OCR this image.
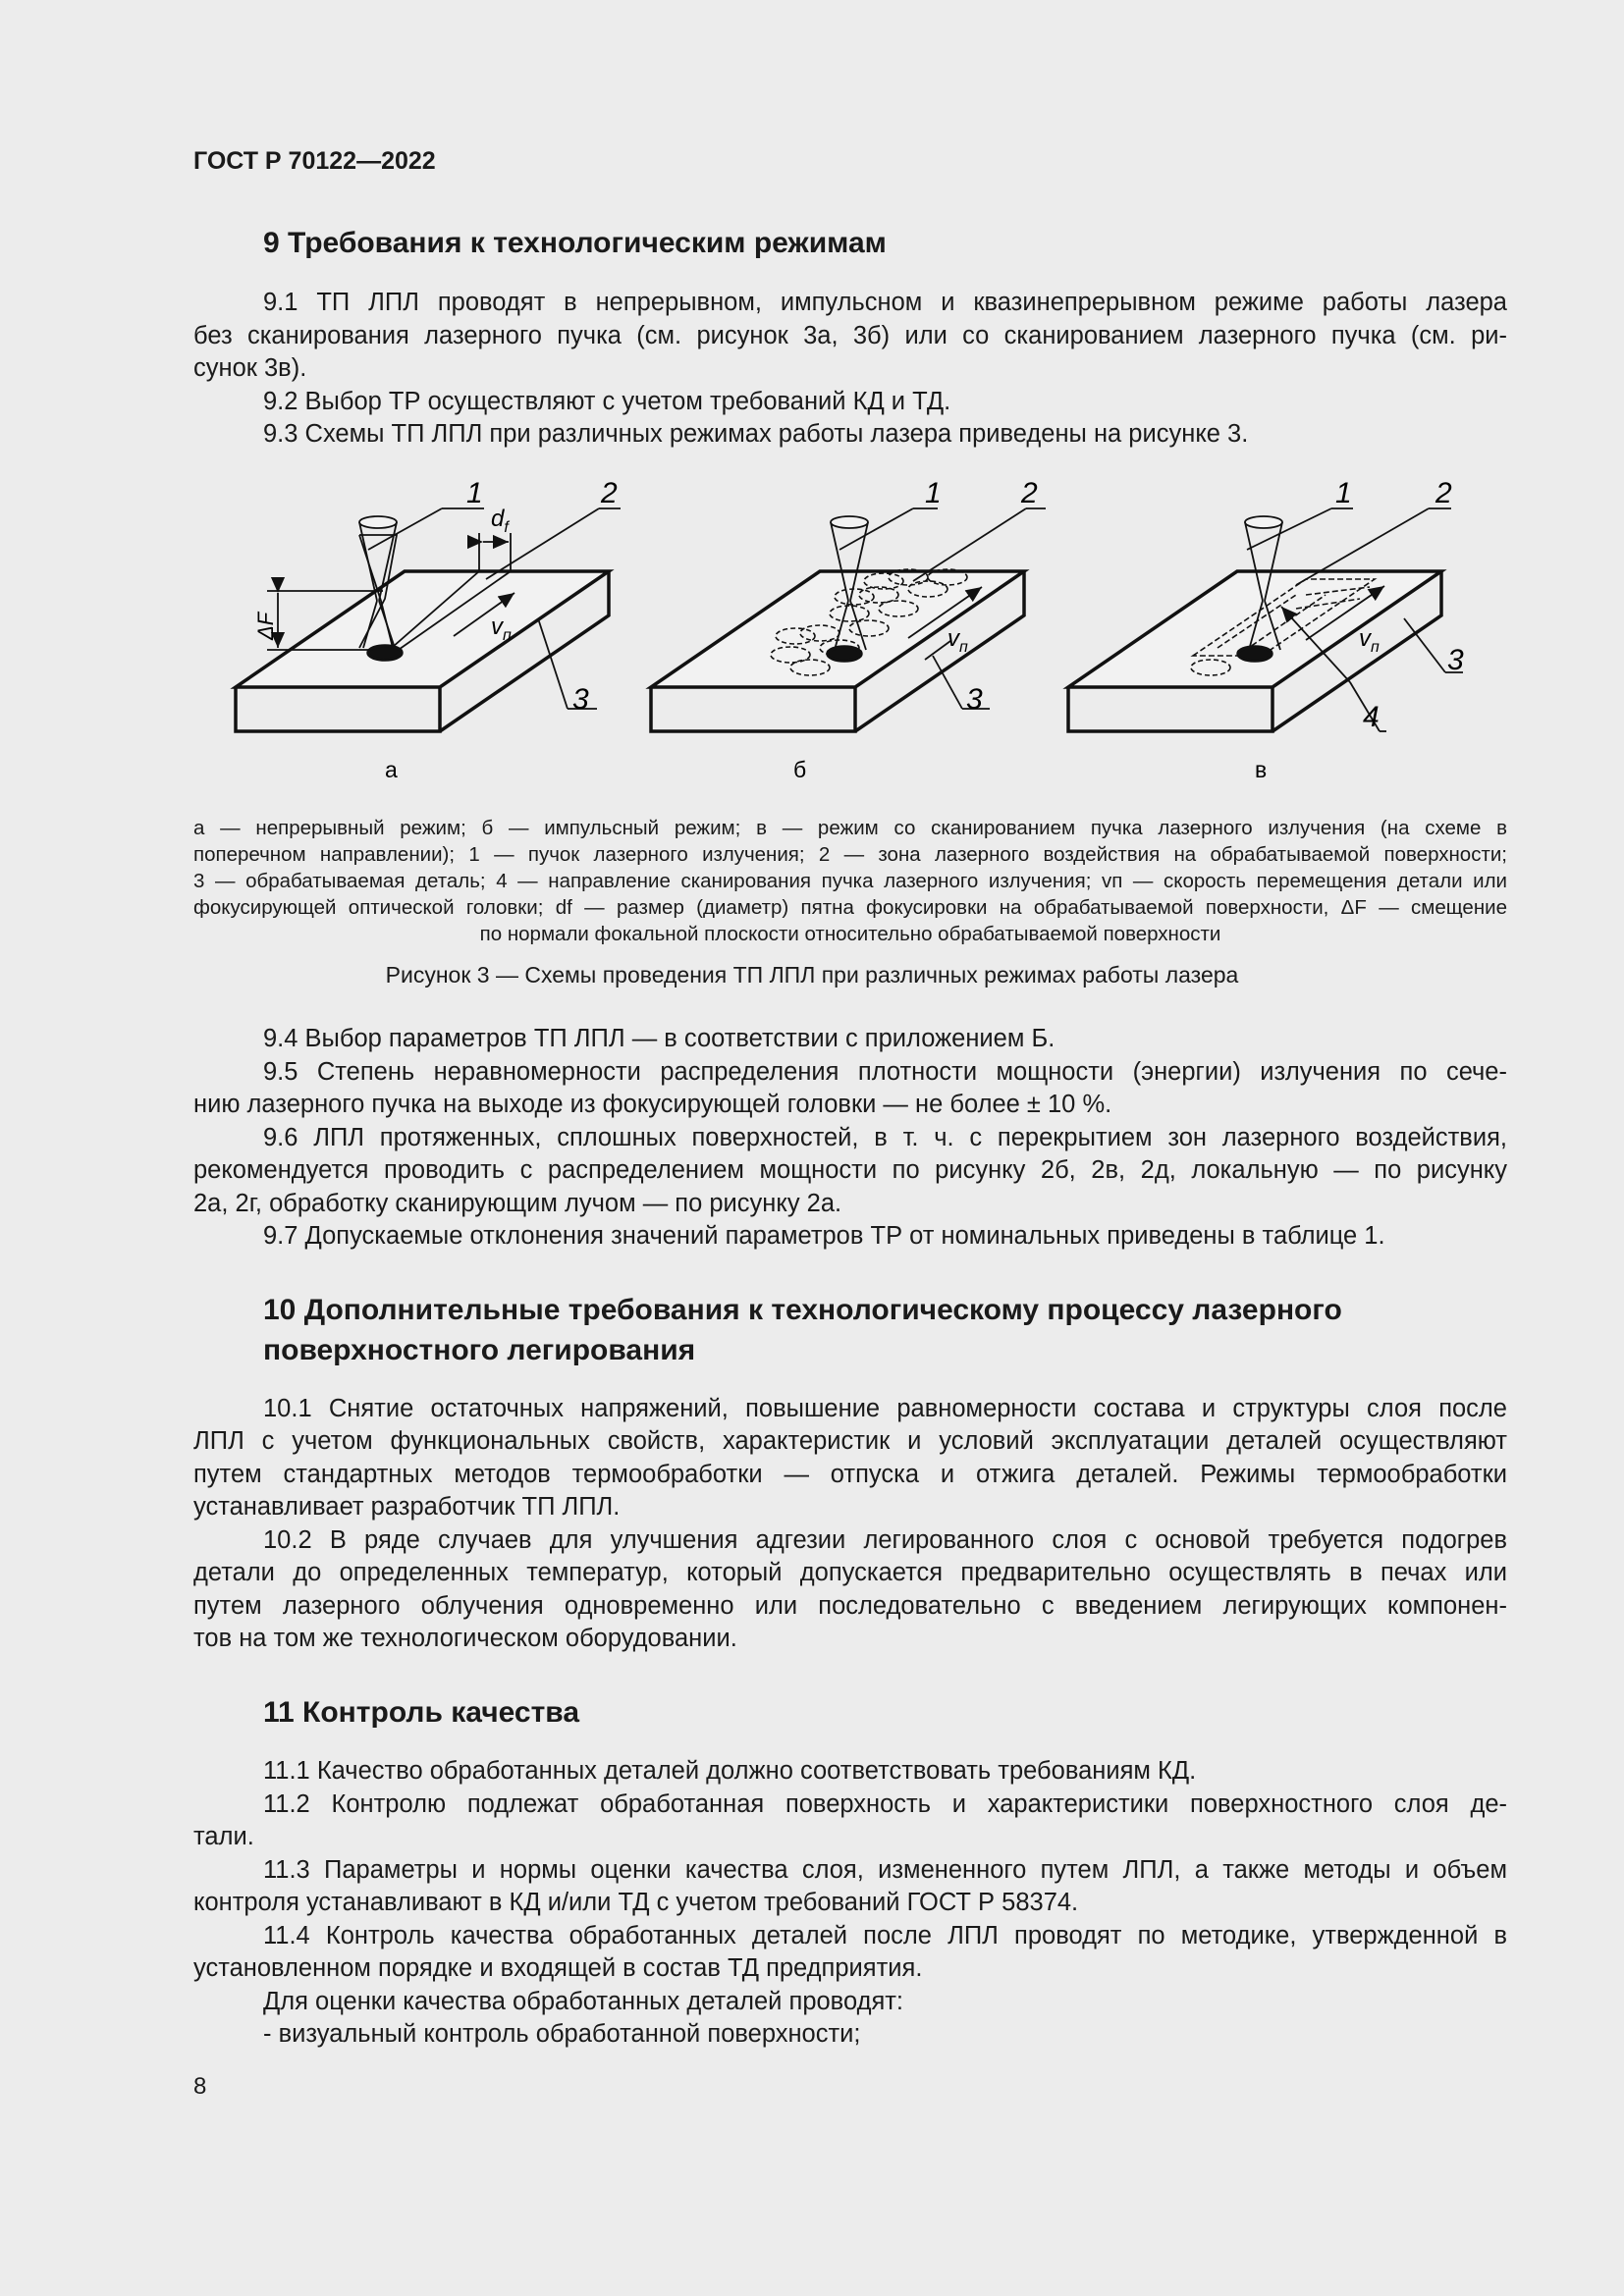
ГОСТ Р 70122—2022
9 Требования к технологическим режимам
9.1 ТП ЛПЛ проводят в непрерывном, импульсном и квазинепрерывном режиме работы лазера
без сканирования лазерного пучка (см. рисунок 3а, 3б) или со сканированием лазерного пучка (см. ри-
сунок 3в).
9.2 Выбор ТР осуществляют с учетом требований КД и ТД.
9.3 Схемы ТП ЛПЛ при различных режимах работы лазера приведены на рисунке 3.
1	2
3
$d_f$
$v_п$
ΔF
а
1	2
3
$v_п$
б
1	2
3
4
$v_п$
в
а — непрерывный режим; б — импульсный режим; в — режим со сканированием пучка лазерного излучения (на схеме в
поперечном направлении); 1 — пучок лазерного излучения; 2 — зона лазерного воздействия на обрабатываемой поверхности;
3 — обрабатываемая деталь; 4 — направление сканирования пучка лазерного излучения; vп — скорость перемещения детали или
фокусирующей оптической головки; df — размер (диаметр) пятна фокусировки на обрабатываемой поверхности, ΔF — смещение
по нормали фокальной плоскости относительно обрабатываемой поверхности
Рисунок 3 — Схемы проведения ТП ЛПЛ при различных режимах работы лазера
9.4 Выбор параметров ТП ЛПЛ — в соответствии с приложением Б.
9.5 Степень неравномерности распределения плотности мощности (энергии) излучения по сече-
нию лазерного пучка на выходе из фокусирующей головки — не более ± 10 %.
9.6 ЛПЛ протяженных, сплошных поверхностей, в т. ч. с перекрытием зон лазерного воздействия,
рекомендуется проводить с распределением мощности по рисунку 2б, 2в, 2д, локальную — по рисунку
2а, 2г, обработку сканирующим лучом — по рисунку 2а.
9.7 Допускаемые отклонения значений параметров ТР от номинальных приведены в таблице 1.
10 Дополнительные требования к технологическому процессу лазерного
поверхностного легирования
10.1 Снятие остаточных напряжений, повышение равномерности состава и структуры слоя после
ЛПЛ с учетом функциональных свойств, характеристик и условий эксплуатации деталей осуществляют
путем стандартных методов термообработки — отпуска и отжига деталей. Режимы термообработки
устанавливает разработчик ТП ЛПЛ.
10.2 В ряде случаев для улучшения адгезии легированного слоя с основой требуется подогрев
детали до определенных температур, который допускается предварительно осуществлять в печах или
путем лазерного облучения одновременно или последовательно с введением легирующих компонен-
тов на том же технологическом оборудовании.
11 Контроль качества
11.1 Качество обработанных деталей должно соответствовать требованиям КД.
11.2 Контролю подлежат обработанная поверхность и характеристики поверхностного слоя де-
тали.
11.3 Параметры и нормы оценки качества слоя, измененного путем ЛПЛ, а также методы и объем
контроля устанавливают в КД и/или ТД с учетом требований ГОСТ Р 58374.
11.4 Контроль качества обработанных деталей после ЛПЛ проводят по методике, утвержденной в
установленном порядке и входящей в состав ТД предприятия.
Для оценки качества обработанных деталей проводят:
- визуальный контроль обработанной поверхности;
8
